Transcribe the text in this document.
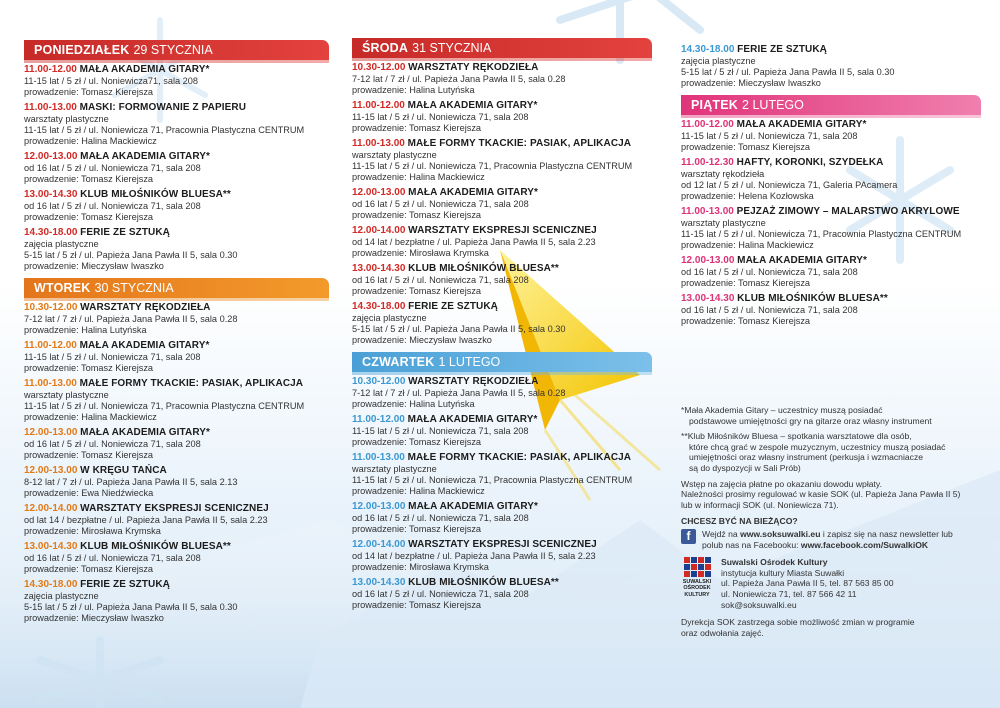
PONIEDZIAŁEK 29 STYCZNIA
11.00-12.00 MAŁA AKADEMIA GITARY*
11-15 lat / 5 zł / ul. Noniewicza71, sala 208
prowadzenie: Tomasz Kierejsza
11.00-13.00 MASKI: FORMOWANIE Z PAPIERU
warsztaty plastyczne
11-15 lat / 5 zł / ul. Noniewicza 71, Pracownia Plastyczna CENTRUM
prowadzenie: Halina Mackiewicz
12.00-13.00 MAŁA AKADEMIA GITARY*
od 16 lat / 5 zł / ul. Noniewicza 71, sala 208
prowadzenie: Tomasz Kierejsza
13.00-14.30 KLUB MIŁOŚNIKÓW BLUESA**
od 16 lat / 5 zł / ul. Noniewicza 71, sala 208
prowadzenie: Tomasz Kierejsza
14.30-18.00 FERIE ZE SZTUKĄ
zajęcia plastyczne
5-15 lat / 5 zł / ul. Papieża Jana Pawła II 5, sala 0.30
prowadzenie: Mieczysław Iwaszko
WTOREK 30 STYCZNIA
10.30-12.00 WARSZTATY RĘKODZIEŁA
7-12 lat / 7 zł / ul. Papieża Jana Pawła II 5, sala 0.28
prowadzenie: Halina Lutyńska
11.00-12.00 MAŁA AKADEMIA GITARY*
11-15 lat / 5 zł / ul. Noniewicza 71, sala 208
prowadzenie: Tomasz Kierejsza
11.00-13.00 MAŁE FORMY TKACKIE: PASIAK, APLIKACJA
warsztaty plastyczne
11-15 lat / 5 zł / ul. Noniewicza 71, Pracownia Plastyczna CENTRUM
prowadzenie: Halina Mackiewicz
12.00-13.00 MAŁA AKADEMIA GITARY*
od 16 lat / 5 zł / ul. Noniewicza 71, sala 208
prowadzenie: Tomasz Kierejsza
12.00-13.00 W KRĘGU TAŃCA
8-12 lat / 7 zł / ul. Papieża Jana Pawła II 5, sala 2.13
prowadzenie: Ewa Niedźwiecka
12.00-14.00 WARSZTATY EKSPRESJI SCENICZNEJ
od lat 14 / bezpłatne / ul. Papieża Jana Pawła II 5, sala 2.23
prowadzenie: Mirosława Krymska
13.00-14.30 KLUB MIŁOŚNIKÓW BLUESA**
od 16 lat / 5 zł / ul. Noniewicza 71, sala 208
prowadzenie: Tomasz Kierejsza
14.30-18.00 FERIE ZE SZTUKĄ
zajęcia plastyczne
5-15 lat / 5 zł / ul. Papieża Jana Pawła II 5, sala 0.30
prowadzenie: Mieczysław Iwaszko
ŚRODA 31 STYCZNIA
10.30-12.00 WARSZTATY RĘKODZIEŁA
7-12 lat / 7 zł / ul. Papieża Jana Pawła II 5, sala 0.28
prowadzenie: Halina Lutyńska
11.00-12.00 MAŁA AKADEMIA GITARY*
11-15 lat / 5 zł / ul. Noniewicza 71, sala 208
prowadzenie: Tomasz Kierejsza
11.00-13.00 MAŁE FORMY TKACKIE: PASIAK, APLIKACJA
warsztaty plastyczne
11-15 lat / 5 zł / ul. Noniewicza 71, Pracownia Plastyczna CENTRUM
prowadzenie: Halina Mackiewicz
12.00-13.00 MAŁA AKADEMIA GITARY*
od 16 lat / 5 zł / ul. Noniewicza 71, sala 208
prowadzenie: Tomasz Kierejsza
12.00-14.00 WARSZTATY EKSPRESJI SCENICZNEJ
od 14 lat / bezpłatne / ul. Papieża Jana Pawła II 5, sala 2.23
prowadzenie: Mirosława Krymska
13.00-14.30 KLUB MIŁOŚNIKÓW BLUESA**
od 16 lat / 5 zł / ul. Noniewicza 71, sala 208
prowadzenie: Tomasz Kierejsza
14.30-18.00 FERIE ZE SZTUKĄ
zajęcia plastyczne
5-15 lat / 5 zł / ul. Papieża Jana Pawła II 5, sala 0.30
prowadzenie: Mieczysław Iwaszko
CZWARTEK 1 LUTEGO
10.30-12.00 WARSZTATY RĘKODZIEŁA
7-12 lat / 7 zł / ul. Papieża Jana Pawła II 5, sala 0.28
prowadzenie: Halina Lutyńska
11.00-12.00 MAŁA AKADEMIA GITARY*
11-15 lat / 5 zł / ul. Noniewicza 71, sala 208
prowadzenie: Tomasz Kierejsza
11.00-13.00 MAŁE FORMY TKACKIE: PASIAK, APLIKACJA
warsztaty plastyczne
11-15 lat / 5 zł / ul. Noniewicza 71, Pracownia Plastyczna CENTRUM
prowadzenie: Halina Mackiewicz
12.00-13.00 MAŁA AKADEMIA GITARY*
od 16 lat / 5 zł / ul. Noniewicza 71, sala 208
prowadzenie: Tomasz Kierejsza
12.00-14.00 WARSZTATY EKSPRESJI SCENICZNEJ
od 14 lat / bezpłatne / ul. Papieża Jana Pawła II 5, sala 2.23
prowadzenie: Mirosława Krymska
13.00-14.30 KLUB MIŁOŚNIKÓW BLUESA**
od 16 lat / 5 zł / ul. Noniewicza 71, sala 208
prowadzenie: Tomasz Kierejsza
14.30-18.00 FERIE ZE SZTUKĄ
zajęcia plastyczne
5-15 lat / 5 zł / ul. Papieża Jana Pawła II 5, sala 0.30
prowadzenie: Mieczysław Iwaszko
PIĄTEK 2 LUTEGO
11.00-12.00 MAŁA AKADEMIA GITARY*
11-15 lat / 5 zł / ul. Noniewicza 71, sala 208
prowadzenie: Tomasz Kierejsza
11.00-12.30 HAFTY, KORONKI, SZYDEŁKA
warsztaty rękodzieła
od 12 lat / 5 zł / ul. Noniewicza 71, Galeria PAcamera
prowadzenie: Helena Kozłowska
11.00-13.00 PEJZAŻ ZIMOWY – MALARSTWO AKRYLOWE
warsztaty plastyczne
11-15 lat / 5 zł / ul. Noniewicza 71, Pracownia Plastyczna CENTRUM
prowadzenie: Halina Mackiewicz
12.00-13.00 MAŁA AKADEMIA GITARY*
od 16 lat / 5 zł / ul. Noniewicza 71, sala 208
prowadzenie: Tomasz Kierejsza
13.00-14.30 KLUB MIŁOŚNIKÓW BLUESA**
od 16 lat / 5 zł / ul. Noniewicza 71, sala 208
prowadzenie: Tomasz Kierejsza

*Mała Akademia Gitary – uczestnicy muszą posiadać
podstawowe umiejętności gry na gitarze oraz własny instrument

**Klub Miłośników Bluesa – spotkania warsztatowe dla osób,
które chcą grać w zespole muzycznym, uczestnicy muszą posiadać
umiejętności oraz własny instrument (perkusja i wzmacniacze
są do dyspozycji w Sali Prób)

Wstęp na zajęcia płatne po okazaniu dowodu wpłaty.
Należności prosimy regulować w kasie SOK (ul. Papieża Jana Pawła II 5)
lub w informacji SOK (ul. Noniewicza 71).

CHCESZ BYĆ NA BIEŻĄCO?
f	Wejdź na www.soksuwalki.eu i zapisz się na nasz newsletter lub
polub nas na Facebooku: www.facebook.com/SuwalkiOK
SUWALSKI
OŚRODEK
KULTURY
Suwalski Ośrodek Kultury
instytucja kultury Miasta Suwałki
ul. Papieża Jana Pawła II 5, tel. 87 563 85 00
ul. Noniewicza 71, tel. 87 566 42 11
sok@soksuwalki.eu

Dyrekcja SOK zastrzega sobie możliwość zmian w programie
oraz odwołania zajęć.
